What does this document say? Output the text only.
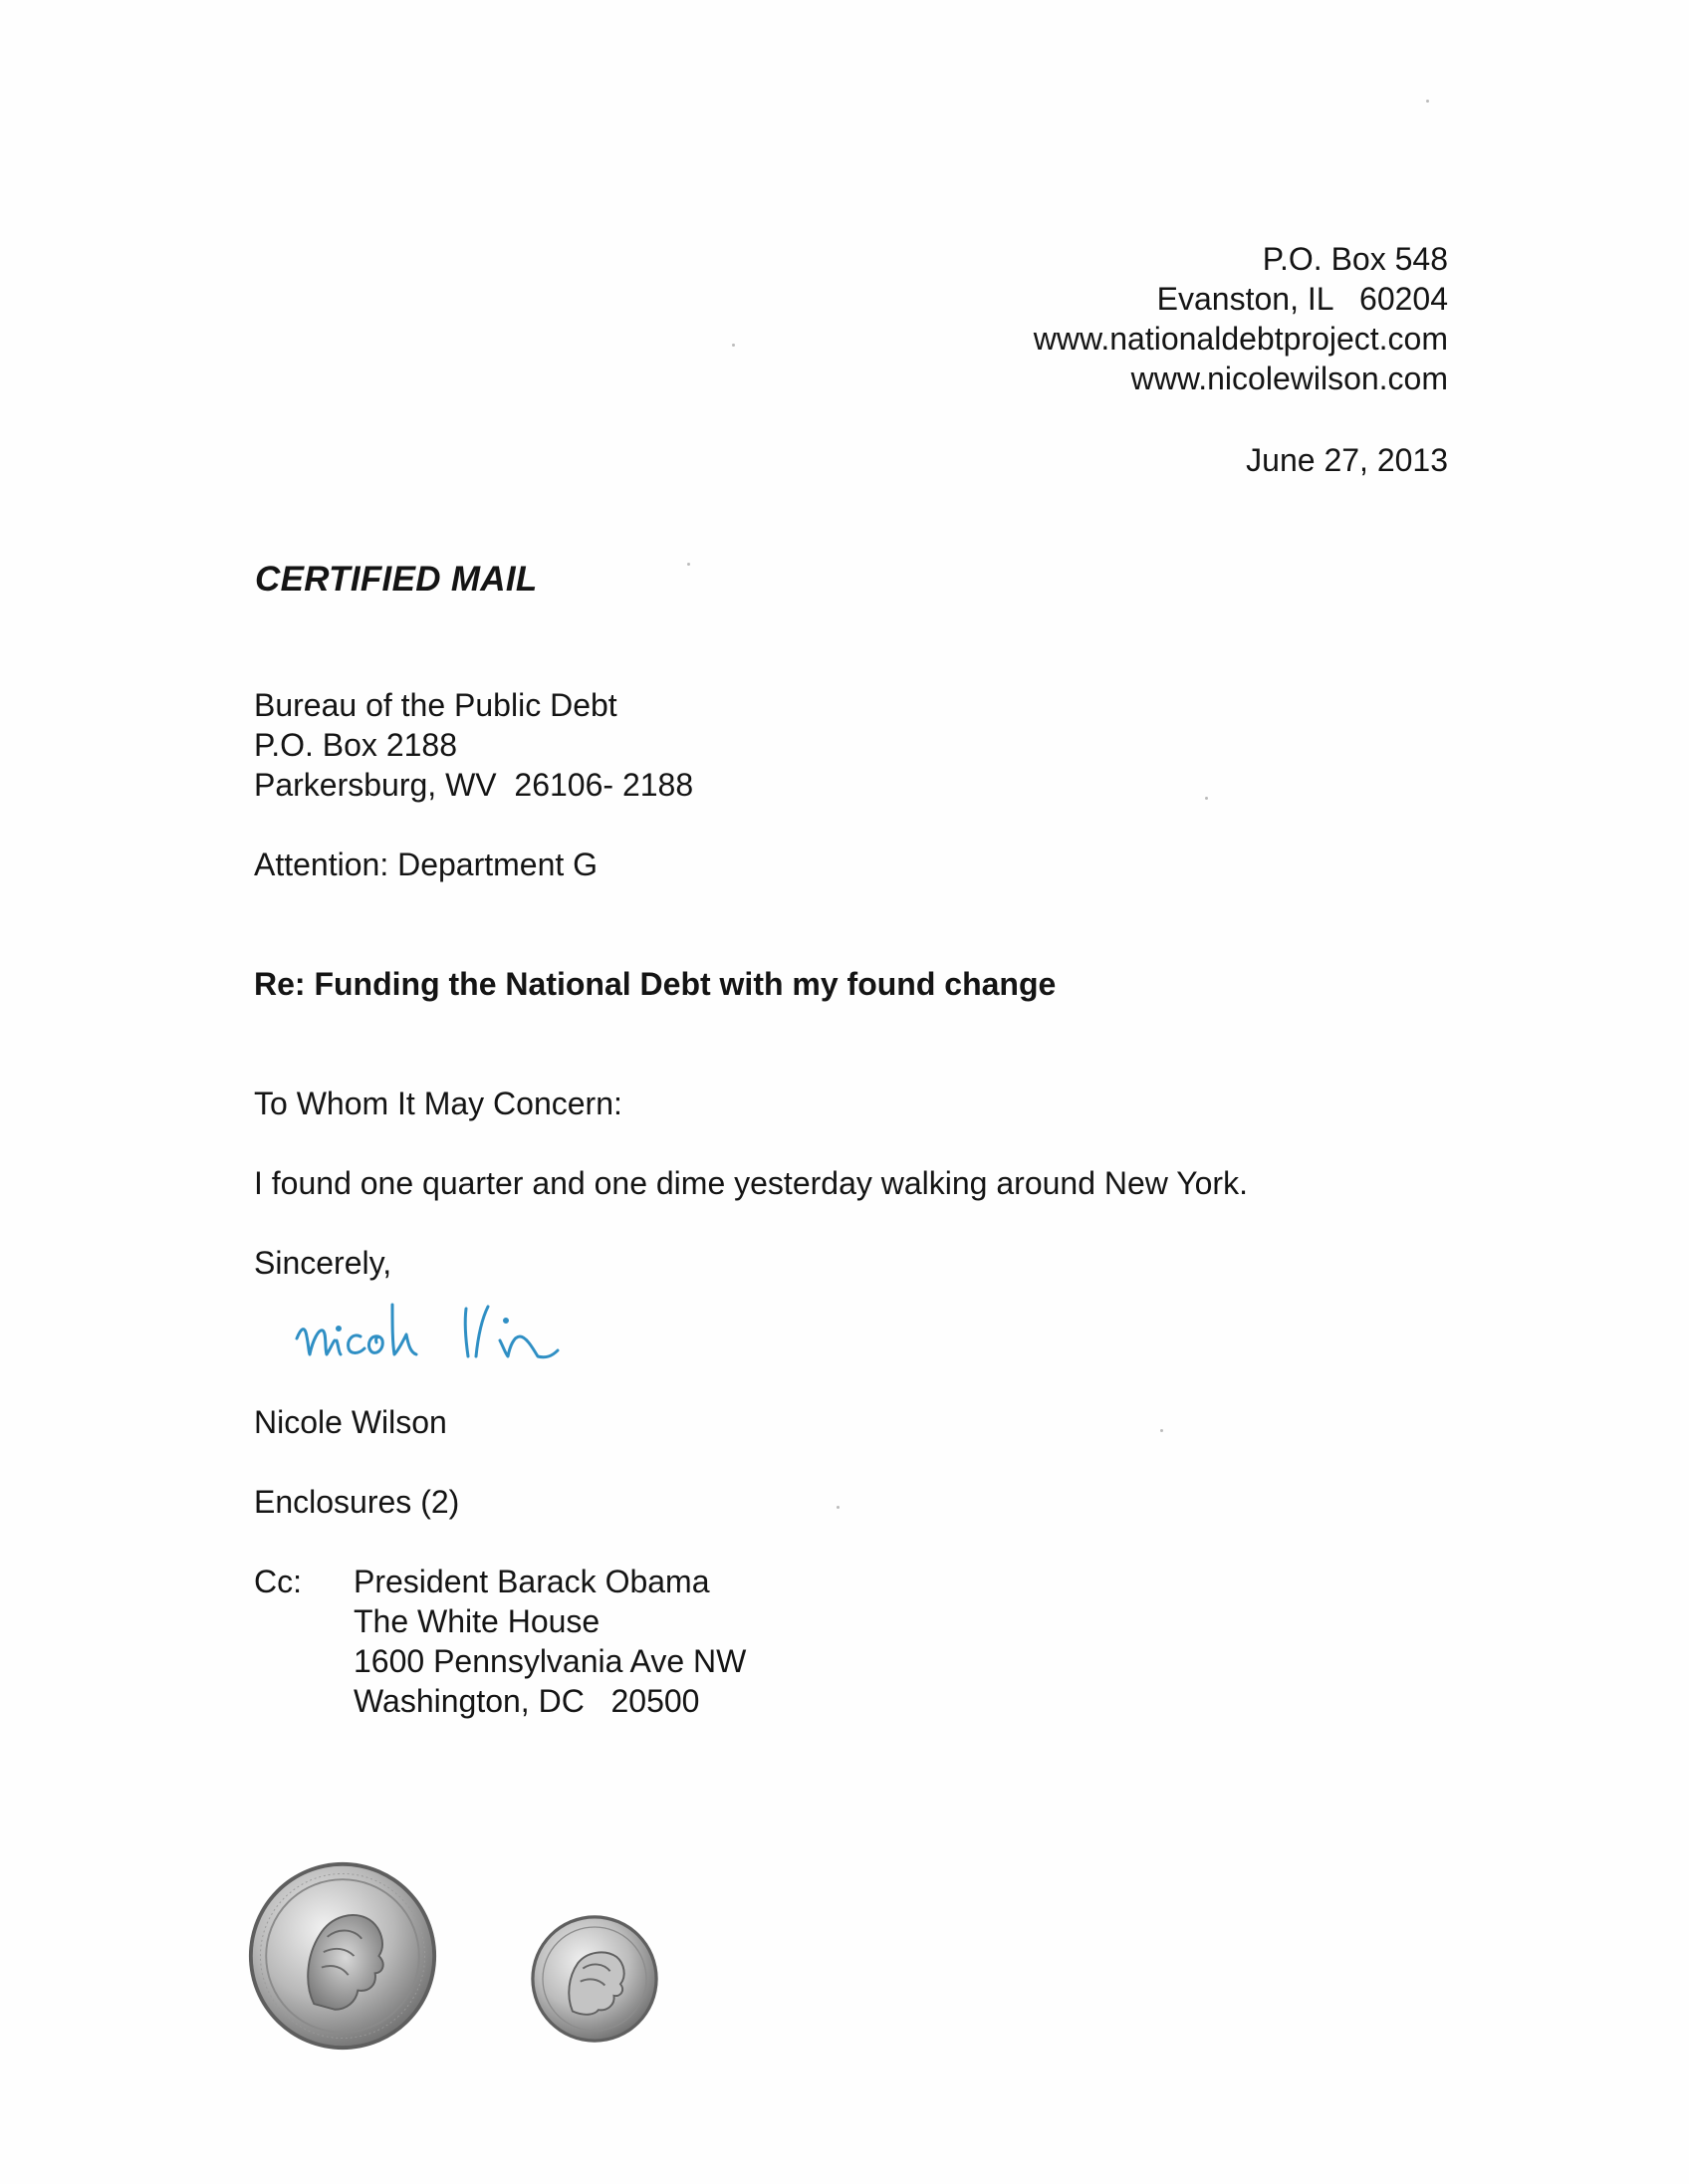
P.O. Box 548
Evanston, IL   60204
www.nationaldebtproject.com
www.nicolewilson.com
June 27, 2013
CERTIFIED MAIL
Bureau of the Public Debt
P.O. Box 2188
Parkersburg, WV  26106- 2188
Attention: Department G
Re: Funding the National Debt with my found change
To Whom It May Concern:
I found one quarter and one dime yesterday walking around New York.
Sincerely,
Nicole Wilson
Enclosures (2)
Cc: President Barack Obama
The White House
1600 Pennsylvania Ave NW
Washington, DC   20500
